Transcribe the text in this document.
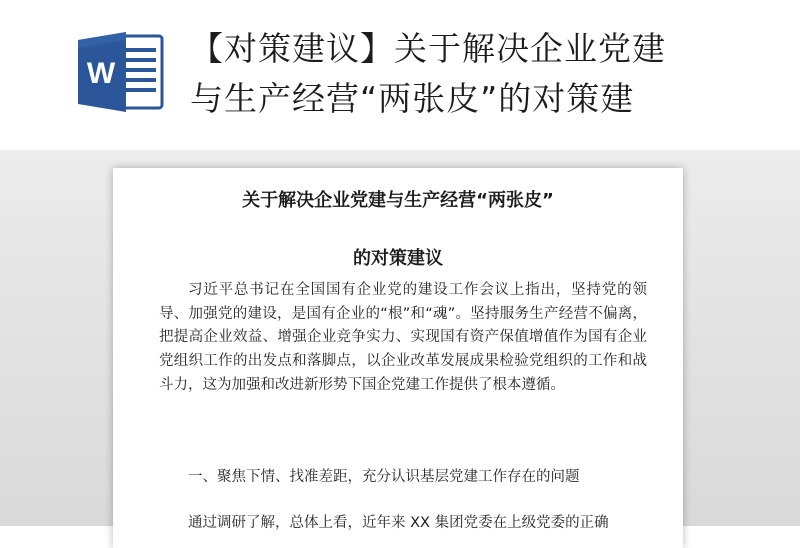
W
【对策建议】关于解决企业党建
与生产经营“两张皮”的对策建
关于解决企业党建与生产经营“两张皮”
的对策建议

习近平总书记在全国国有企业党的建设工作会议上指出，坚持党的领导、加强党的建设，是国有企业的“根”和“魂”。坚持服务生产经营不偏离，把提高企业效益、增强企业竞争实力、实现国有资产保值增值作为国有企业党组织工作的出发点和落脚点，以企业改革发展成果检验党组织的工作和战斗力，这为加强和改进新形势下国企党建工作提供了根本遵循。

一、聚焦下情、找准差距，充分认识基层党建工作存在的问题

通过调研了解，总体上看，近年来 XX 集团党委在上级党委的正确
